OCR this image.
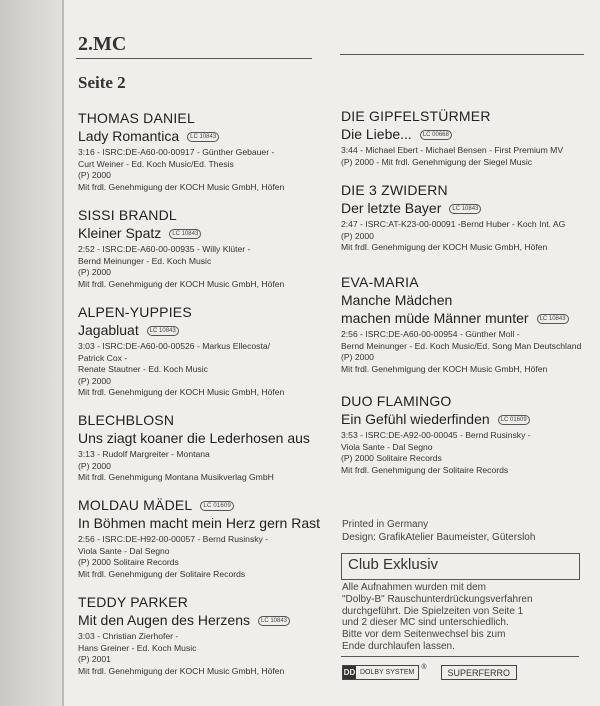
2.MC
Seite 2
THOMAS DANIEL
Lady Romantica LC 10843
3:16 - ISRC:DE-A60-00-00917 - Günther Gebauer -
Curt Weiner - Ed. Koch Music/Ed. Thesis
(P) 2000
Mit frdl. Genehmigung der KOCH Music GmbH, Höfen
SISSI BRANDL
Kleiner Spatz LC 10843
2:52 - ISRC:DE-A60-00-00935 - Willy Klüter -
Bernd Meinunger - Ed. Koch Music
(P) 2000
Mit frdl. Genehmigung der KOCH Music GmbH, Höfen
ALPEN-YUPPIES
Jagabluat LC 10843
3:03 - ISRC:DE-A60-00-00526 - Markus Ellecosta/
Patrick Cox -
Renate Stautner - Ed. Koch Music
(P) 2000
Mit frdl. Genehmigung der KOCH Music GmbH, Höfen
BLECHBLOSN
Uns ziagt koaner die Lederhosen aus
3:13 - Rudolf Margreiter - Montana
(P) 2000
Mit frdl. Genehmigung Montana Musikverlag GmbH
MOLDAU MÄDEL LC 01609
In Böhmen macht mein Herz gern Rast
2:56 - ISRC:DE-H92-00-00057 - Bernd Rusinsky -
Viola Sante - Dal Segno
(P) 2000 Solitaire Records
Mit frdl. Genehmigung der Solitaire Records
TEDDY PARKER
Mit den Augen des Herzens LC 10843
3:03 - Christian Zierhofer -
Hans Greiner - Ed. Koch Music
(P) 2001
Mit frdl. Genehmigung der KOCH Music GmbH, Höfen
DIE GIPFELSTÜRMER
Die Liebe... LC 00668
3:44 - Michael Ebert - Michael Bensen - First Premium MV
(P) 2000 - Mit frdl. Genehmigung der Siegel Music
DIE 3 ZWIDERN
Der letzte Bayer LC 10843
2:47 - ISRC:AT-K23-00-00091 -Bernd Huber - Koch Int. AG
(P) 2000
Mit frdl. Genehmigung der KOCH Music GmbH, Höfen
EVA-MARIA
Manche Mädchen
machen müde Männer munter LC 10843
2:56 - ISRC:DE-A60-00-00954 - Günther Moll -
Bernd Meinunger - Ed. Koch Music/Ed. Song Man Deutschland
(P) 2000
Mit frdl. Genehmigung der KOCH Music GmbH, Höfen
DUO FLAMINGO
Ein Gefühl wiederfinden LC 01609
3:53 - ISRC:DE-A92-00-00045 - Bernd Rusinsky -
Viola Sante - Dal Segno
(P) 2000 Solitaire Records
Mit frdl. Genehmigung der Solitaire Records
Printed in Germany
Design: GrafikAtelier Baumeister, Gütersloh
Club Exklusiv
Alle Aufnahmen wurden mit dem
"Dolby-B" Rauschunterdrückungsverfahren
durchgeführt. Die Spielzeiten von Seite 1
und 2 dieser MC sind unterschiedlich.
Bitte vor dem Seitenwechsel bis zum
Ende durchlaufen lassen.
DD DOLBY SYSTEM
®	SUPERFERRO
